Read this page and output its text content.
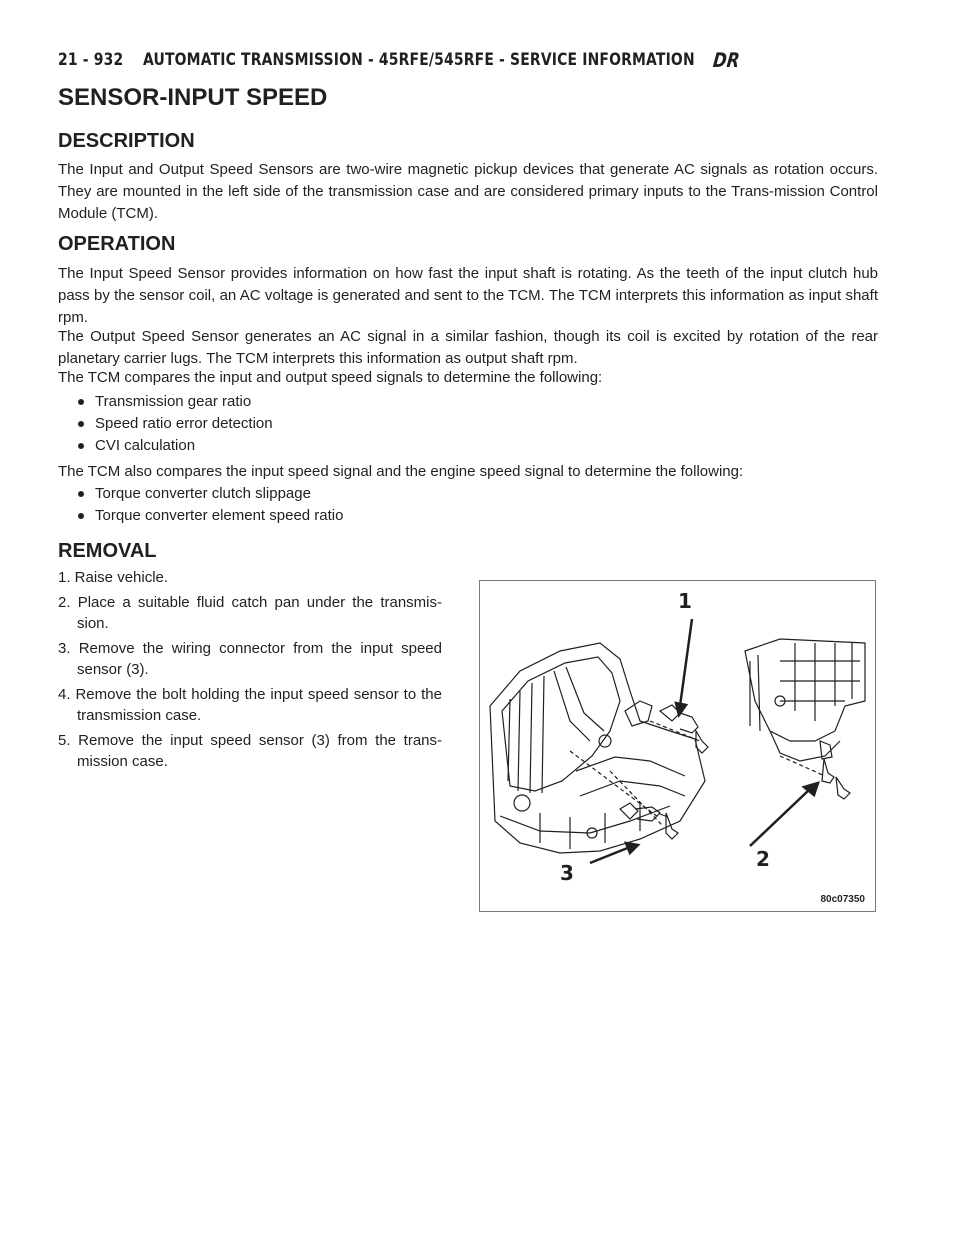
21 - 932 AUTOMATIC TRANSMISSION - 45RFE/545RFE - SERVICE INFORMATION DR
SENSOR-INPUT SPEED
DESCRIPTION

The Input and Output Speed Sensors are two-wire magnetic pickup devices that generate AC signals as rotation occurs. They are mounted in the left side of the transmission case and are considered primary inputs to the Trans-mission Control Module (TCM).

OPERATION

The Input Speed Sensor provides information on how fast the input shaft is rotating. As the teeth of the input clutch hub pass by the sensor coil, an AC voltage is generated and sent to the TCM. The TCM interprets this information as input shaft rpm.

The Output Speed Sensor generates an AC signal in a similar fashion, though its coil is excited by rotation of the rear planetary carrier lugs. The TCM interprets this information as output shaft rpm.

The TCM compares the input and output speed signals to determine the following:

Transmission gear ratio
Speed ratio error detection
CVI calculation

The TCM also compares the input speed signal and the engine speed signal to determine the following:

Torque converter clutch slippage
Torque converter element speed ratio
REMOVAL
1. Raise vehicle.
2. Place a suitable fluid catch pan under the transmis-sion.
3. Remove the wiring connector from the input speed sensor (3).
4. Remove the bolt holding the input speed sensor to the transmission case.
5. Remove the input speed sensor (3) from the trans-mission case.
1
2
3
80c07350
